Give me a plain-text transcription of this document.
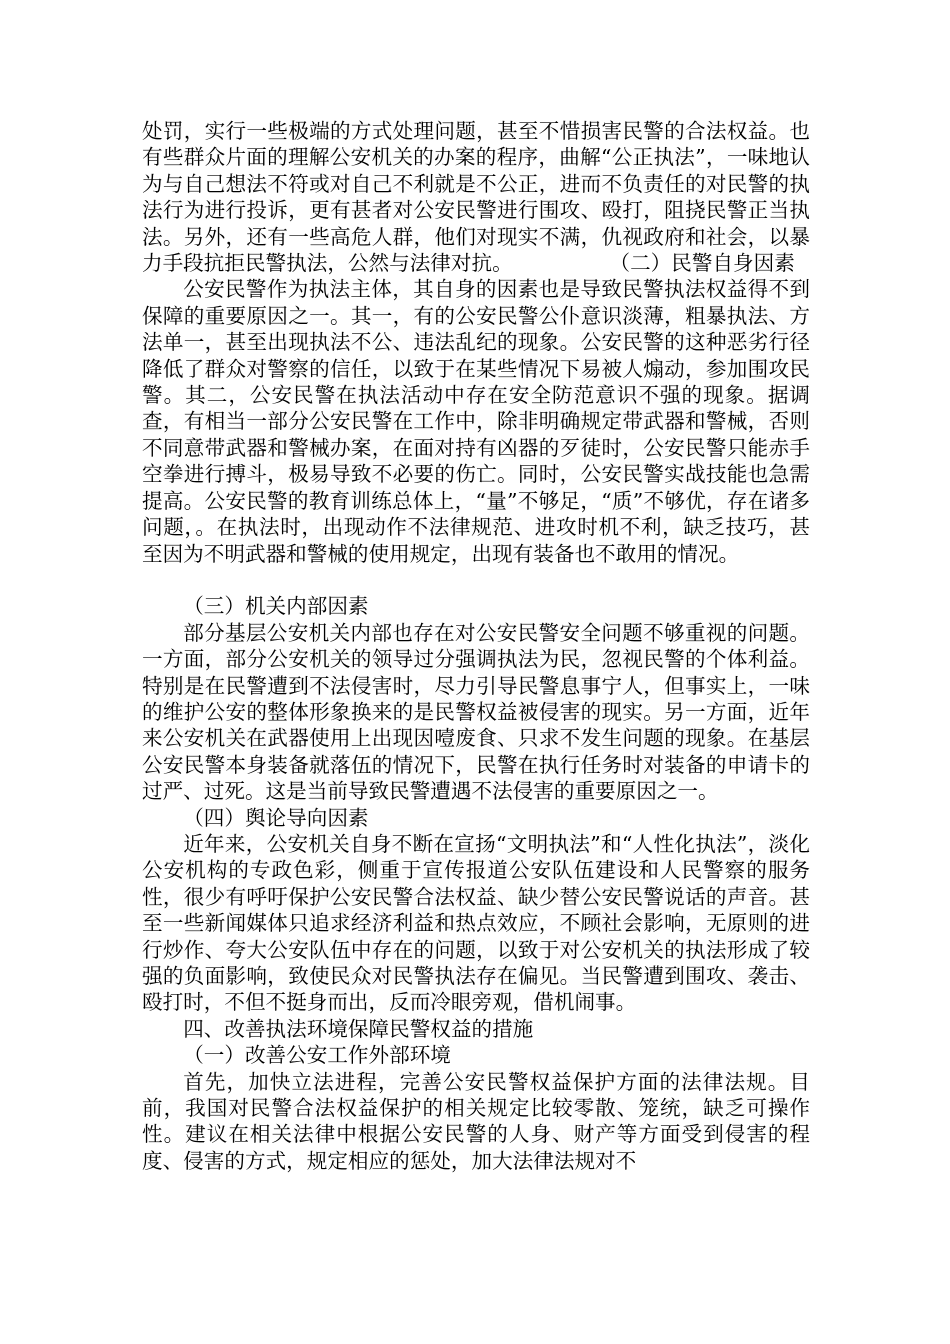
处罚，实行一些极端的方式处理问题，甚至不惜损害民警的合法权益。也有些群众片面的理解公安机关的办案的程序，曲解“公正执法”，一味地认为与自己想法不符或对自己不利就是不公正，进而不负责任的对民警的执法行为进行投诉，更有甚者对公安民警进行围攻、殴打，阻挠民警正当执法。另外，还有一些高危人群，他们对现实不满，仇视政府和社会，以暴力手段抗拒民警执法，公然与法律对抗。	（二）民警自身因素

公安民警作为执法主体，其自身的因素也是导致民警执法权益得不到保障的重要原因之一。其一，有的公安民警公仆意识淡薄，粗暴执法、方法单一，甚至出现执法不公、违法乱纪的现象。公安民警的这种恶劣行径降低了群众对警察的信任，以致于在某些情况下易被人煽动，参加围攻民警。其二，公安民警在执法活动中存在安全防范意识不强的现象。据调查，有相当一部分公安民警在工作中，除非明确规定带武器和警械，否则不同意带武器和警械办案，在面对持有凶器的歹徒时，公安民警只能赤手空拳进行搏斗，极易导致不必要的伤亡。同时，公安民警实战技能也急需提高。公安民警的教育训练总体上，“量”不够足，“质”不够优，存在诸多问题，。在执法时，出现动作不法律规范、进攻时机不利，缺乏技巧，甚至因为不明武器和警械的使用规定，出现有装备也不敢用的情况。

（三）机关内部因素

部分基层公安机关内部也存在对公安民警安全问题不够重视的问题。一方面，部分公安机关的领导过分强调执法为民，忽视民警的个体利益。特别是在民警遭到不法侵害时，尽力引导民警息事宁人，但事实上，一味的维护公安的整体形象换来的是民警权益被侵害的现实。另一方面，近年来公安机关在武器使用上出现因噎废食、只求不发生问题的现象。在基层公安民警本身装备就落伍的情况下，民警在执行任务时对装备的申请卡的过严、过死。这是当前导致民警遭遇不法侵害的重要原因之一。

（四）舆论导向因素

近年来，公安机关自身不断在宣扬“文明执法”和“人性化执法”，淡化公安机构的专政色彩，侧重于宣传报道公安队伍建设和人民警察的服务性，很少有呼吁保护公安民警合法权益、缺少替公安民警说话的声音。甚至一些新闻媒体只追求经济利益和热点效应，不顾社会影响，无原则的进行炒作、夸大公安队伍中存在的问题，以致于对公安机关的执法形成了较强的负面影响，致使民众对民警执法存在偏见。当民警遭到围攻、袭击、殴打时，不但不挺身而出，反而冷眼旁观，借机闹事。

四、改善执法环境保障民警权益的措施

（一）改善公安工作外部环境

首先，加快立法进程，完善公安民警权益保护方面的法律法规。目前，我国对民警合法权益保护的相关规定比较零散、笼统，缺乏可操作性。建议在相关法律中根据公安民警的人身、财产等方面受到侵害的程度、侵害的方式，规定相应的惩处，加大法律法规对不
